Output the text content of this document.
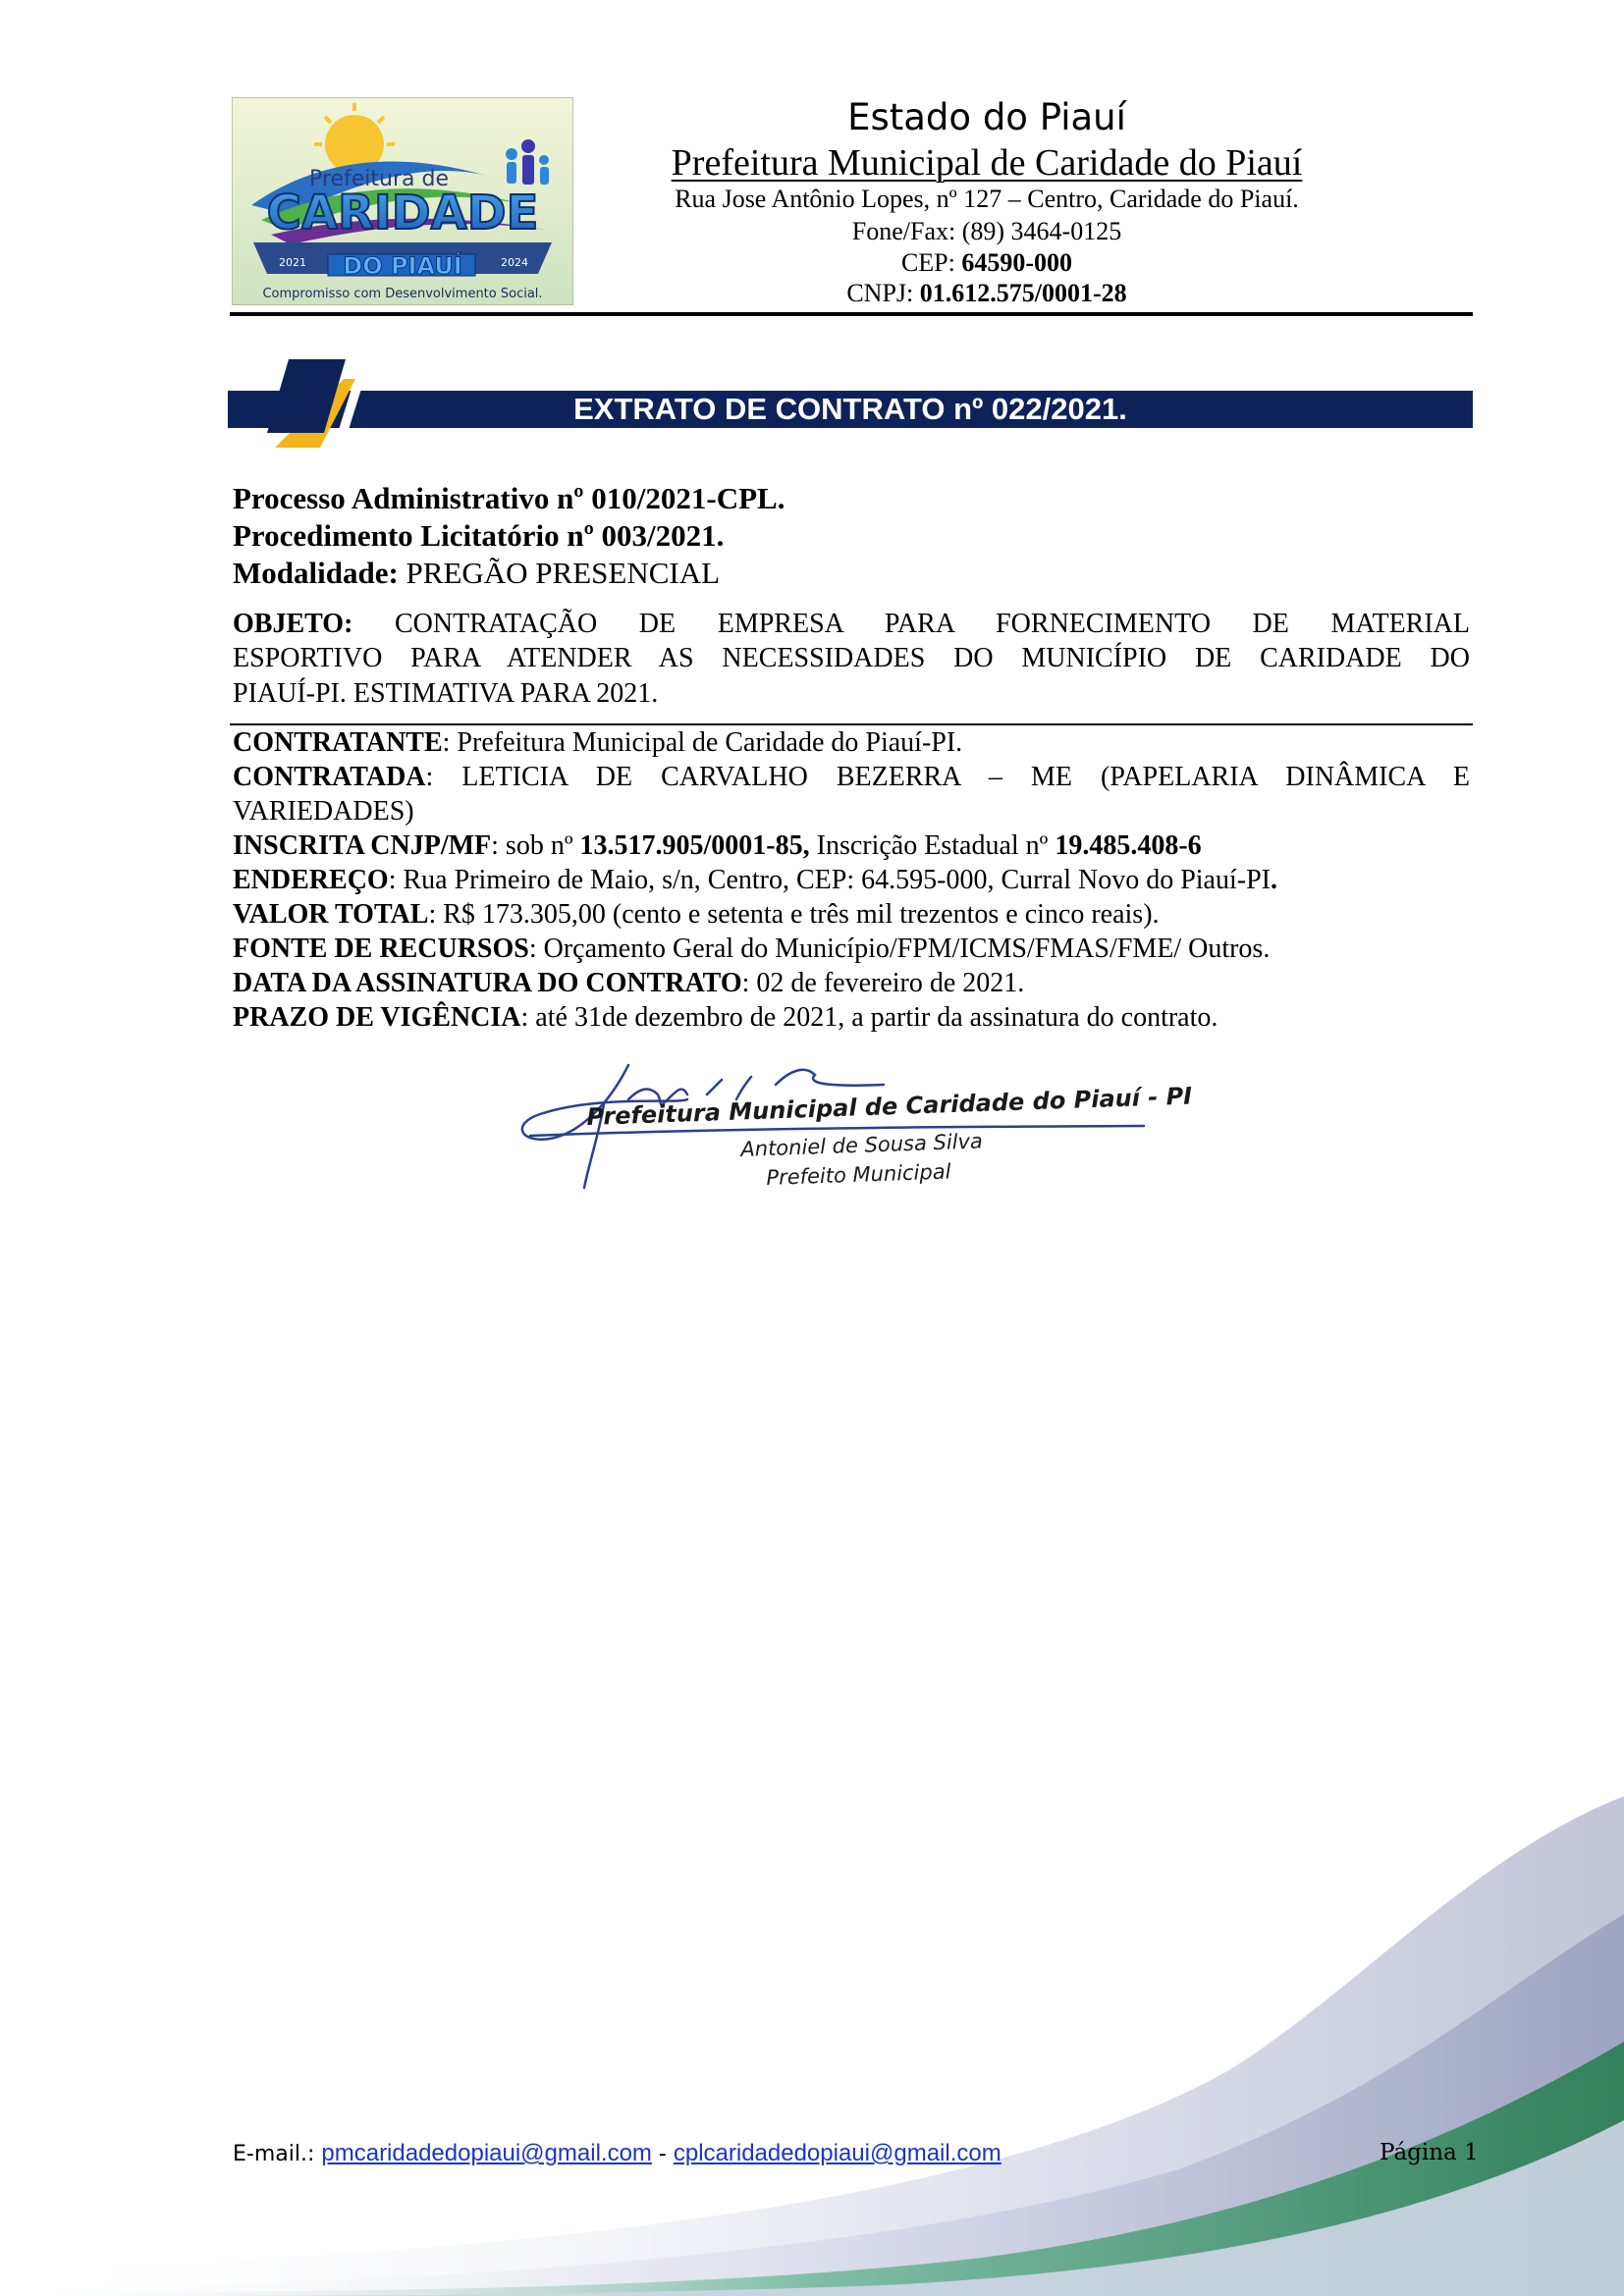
Prefeitura de
CARIDADE
DO PIAUÍ
2021	2024
Compromisso com Desenvolvimento Social.
Estado do Piauí
Prefeitura Municipal de Caridade do Piauí
Rua Jose Antônio Lopes, nº 127 – Centro, Caridade do Piauí.
Fone/Fax: (89) 3464-0125
CEP: 64590-000
CNPJ: 01.612.575/0001-28
EXTRATO DE CONTRATO nº 022/2021.
Processo Administrativo nº 010/2021-CPL.
Procedimento Licitatório nº 003/2021.
Modalidade: PREGÃO PRESENCIAL
OBJETO: CONTRATAÇÃO DE EMPRESA PARA FORNECIMENTO DE MATERIAL
ESPORTIVO PARA ATENDER AS NECESSIDADES DO MUNICÍPIO DE CARIDADE DO
PIAUÍ-PI. ESTIMATIVA PARA 2021.
CONTRATANTE: Prefeitura Municipal de Caridade do Piauí-PI.
CONTRATADA: LETICIA DE CARVALHO BEZERRA – ME (PAPELARIA DINÂMICA E
VARIEDADES)
INSCRITA CNJP/MF: sob nº 13.517.905/0001-85, Inscrição Estadual nº 19.485.408-6
ENDEREÇO: Rua Primeiro de Maio, s/n, Centro, CEP: 64.595-000, Curral Novo do Piauí-PI.
VALOR TOTAL: R$ 173.305,00 (cento e setenta e três mil trezentos e cinco reais).
FONTE DE RECURSOS: Orçamento Geral do Município/FPM/ICMS/FMAS/FME/ Outros.
DATA DA ASSINATURA DO CONTRATO: 02 de fevereiro de 2021.
PRAZO DE VIGÊNCIA: até 31de dezembro de 2021, a partir da assinatura do contrato.
Prefeitura Municipal de Caridade do Piauí - PI
Antoniel de Sousa Silva
Prefeito Municipal
E-mail.: pmcaridadedopiaui@gmail.com - cplcaridadedopiaui@gmail.com	Página 1
